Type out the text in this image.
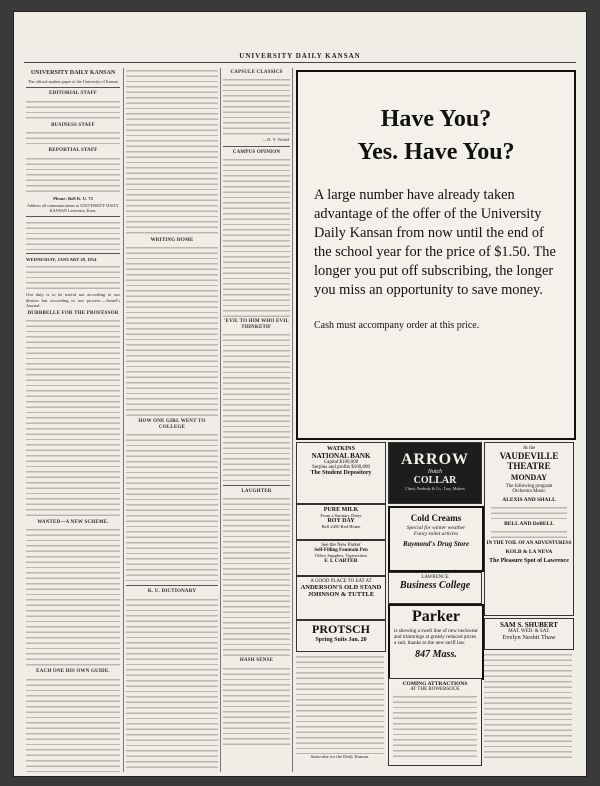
UNIVERSITY DAILY KANSAN
UNIVERSITY DAILY KANSAN

The official student paper of the University of Kansas

EDITORIAL STAFF
BUSINESS STAFF
REPORTIAL STAFF

Phone: Bell K. U. 75

Address all communications to UNIVERSITY DAILY KANSAN Lawrence, Kans.

WEDNESDAY, JANUARY 28, 1914

Our duty is to be useful not according to our desires but according to our powers.—Amiel's Journal.

DURBBELLE FOR THE PROFESSOR
WANTED—A NEW SCHEME.
EACH ONE HIS OWN GUIDE.
WRITING HOME
HOW ONE GIRL WENT TO COLLEGE
K. U. DICTIONARY
CAPSULE CLASSICS

—N. Y. World.

CAMPUS OPINION
'EVIL TO HIM WHO EVIL THINKETH'
LAUGHTER
HASH SENSE
Have You?
Yes. Have You?
A large number have already taken advantage of the offer of the University Daily Kansan from now until the end of the school year for the price of $1.50. The longer you put off subscribing, the longer you miss an opportunity to save money.
Cash must accompany order at this price.
WATKINS
NATIONAL BANK
Capital $100,000
Surplus and profits $100,000
The Student Depository
PURE MILK
From a Sanitary Dairy
ROY DAY
Bell 2450 Red Home
See the New Parker
Self-Filling Fountain Pen
Office Supplies, Typewriters
F. I. CARTER
A GOOD PLACE TO EAT AT
ANDERSON'S OLD STAND
JOHNSON & TUTTLE
PROTSCH
Spring Suits Jan. 20

Subscribe for the Daily Kansan.

ARROW
Notch
COLLAR
Cluett, Peabody & Co., Troy, Makers
Cold Creams
Special for winter weather
Fancy toilet articles
Raymond's Drug Store
LAWRENCE
Business College
Parker
is showing a swell line of new neckwear and trimmings at greatly reduced prices a suit, thanks to the new tariff law.
847 Mass.
COMING ATTRACTIONS
AT THE BOWERSOCK
At the
VAUDEVILLE THEATRE
MONDAY
The following program
Orchestra Music
ALEXIS AND SHALL
BELL AND DeBELL
IN THE TOIL OF AN ADVENTURESS
KOLB & LA NEVA
The Pleasure Spot of Lawrence
SAM S. SHUBERT
MAT. WED. & SAT.
Evelyn Nesbit Thaw
